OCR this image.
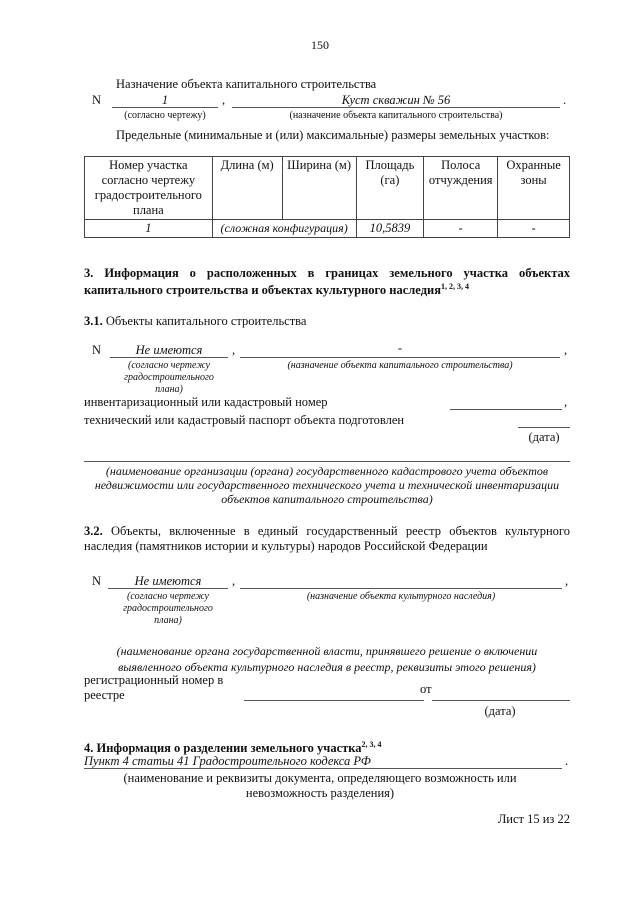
150
Назначение объекта капитального строительства
N	1	,	Куст скважин № 56	.
(согласно чертежу)	(назначение объекта капитального строительства)
Предельные (минимальные и (или) максимальные) размеры земельных участков:
Номер участка согласно чертежу градостроительного плана	Длина (м)	Ширина (м)	Площадь (га)	Полоса отчуждения	Охранные зоны
1	(сложная конфигурация)		10,5839	-	-
3. Информация о расположенных в границах земельного участка объектах капитального строительства и объектах культурного наследия$^{1, 2, 3, 4}$
3.1. Объекты капитального строительства
N	Не имеются	,	-	,
(согласно чертежу градостроительного плана)
(назначение объекта капитального строительства)
инвентаризационный или кадастровый номер	,
технический или кадастровый паспорт объекта подготовлен
(дата)
(наименование организации (органа) государственного кадастрового учета объектов недвижимости или государственного технического учета и технической инвентаризации объектов капитального строительства)
3.2. Объекты, включенные в единый государственный реестр объектов культурного наследия (памятников истории и культуры) народов Российской Федерации
N	Не имеются	,	,
(согласно чертежу градостроительного плана)
(назначение объекта культурного наследия)
(наименование органа государственной власти, принявшего решение о включении выявленного объекта культурного наследия в реестр, реквизиты этого решения)
регистрационный номер в реестре	от
(дата)
4. Информация о разделении земельного участка$^{2, 3, 4}$
Пункт 4 статьи 41 Градостроительного кодекса РФ	.
(наименование и реквизиты документа, определяющего возможность или невозможность разделения)
Лист 15 из 22
